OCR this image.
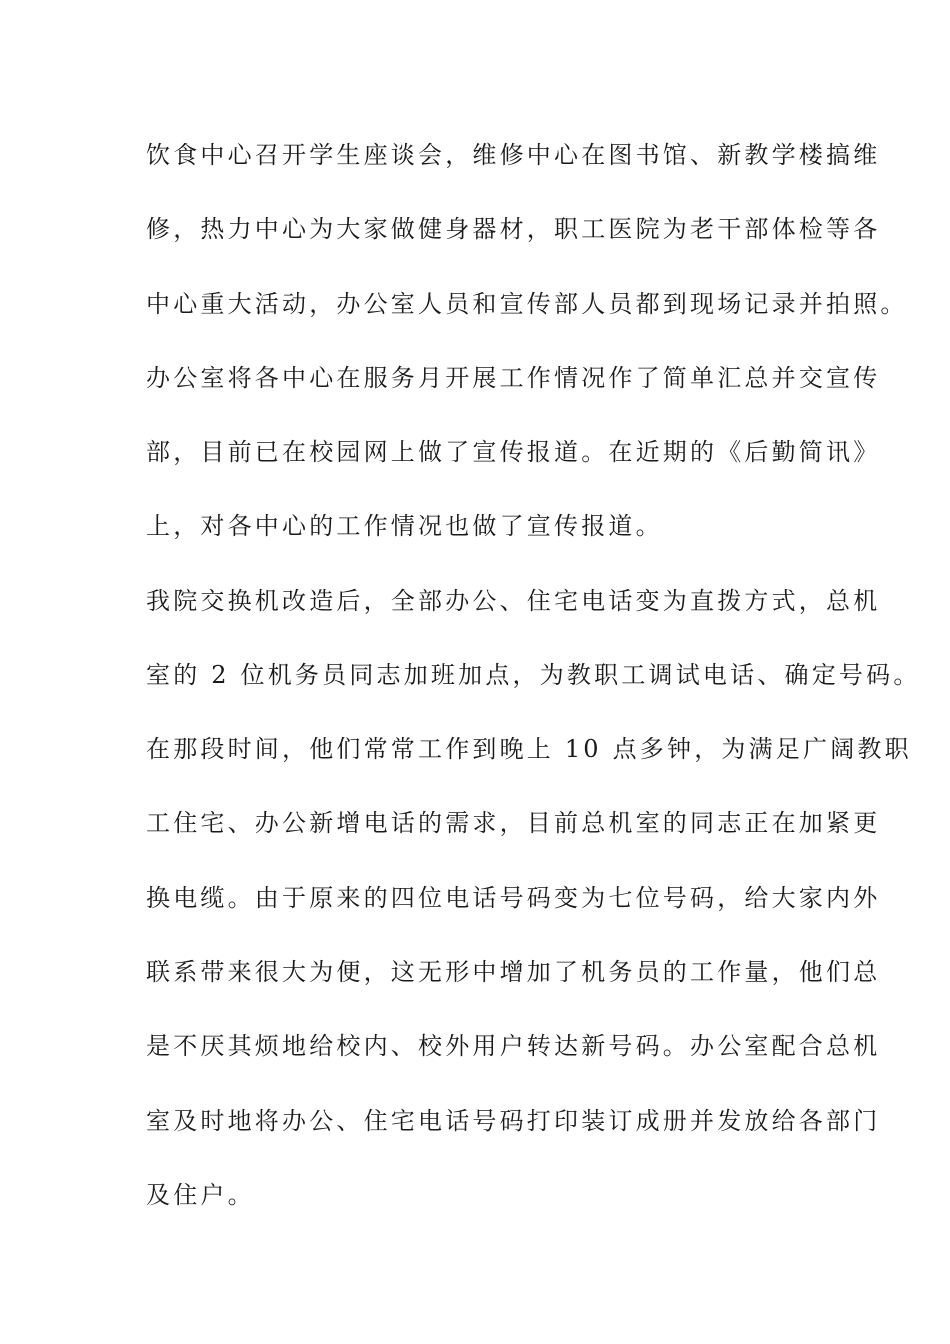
饮食中心召开学生座谈会，维修中心在图书馆、新教学楼搞维
修，热力中心为大家做健身器材，职工医院为老干部体检等各
中心重大活动，办公室人员和宣传部人员都到现场记录并拍照。
办公室将各中心在服务月开展工作情况作了简单汇总并交宣传
部，目前已在校园网上做了宣传报道。在近期的《后勤简讯》
上，对各中心的工作情况也做了宣传报道。
我院交换机改造后，全部办公、住宅电话变为直拨方式，总机
室的 2 位机务员同志加班加点，为教职工调试电话、确定号码。
在那段时间，他们常常工作到晚上 10 点多钟，为满足广阔教职
工住宅、办公新增电话的需求，目前总机室的同志正在加紧更
换电缆。由于原来的四位电话号码变为七位号码，给大家内外
联系带来很大为便，这无形中增加了机务员的工作量，他们总
是不厌其烦地给校内、校外用户转达新号码。办公室配合总机
室及时地将办公、住宅电话号码打印装订成册并发放给各部门
及住户。
